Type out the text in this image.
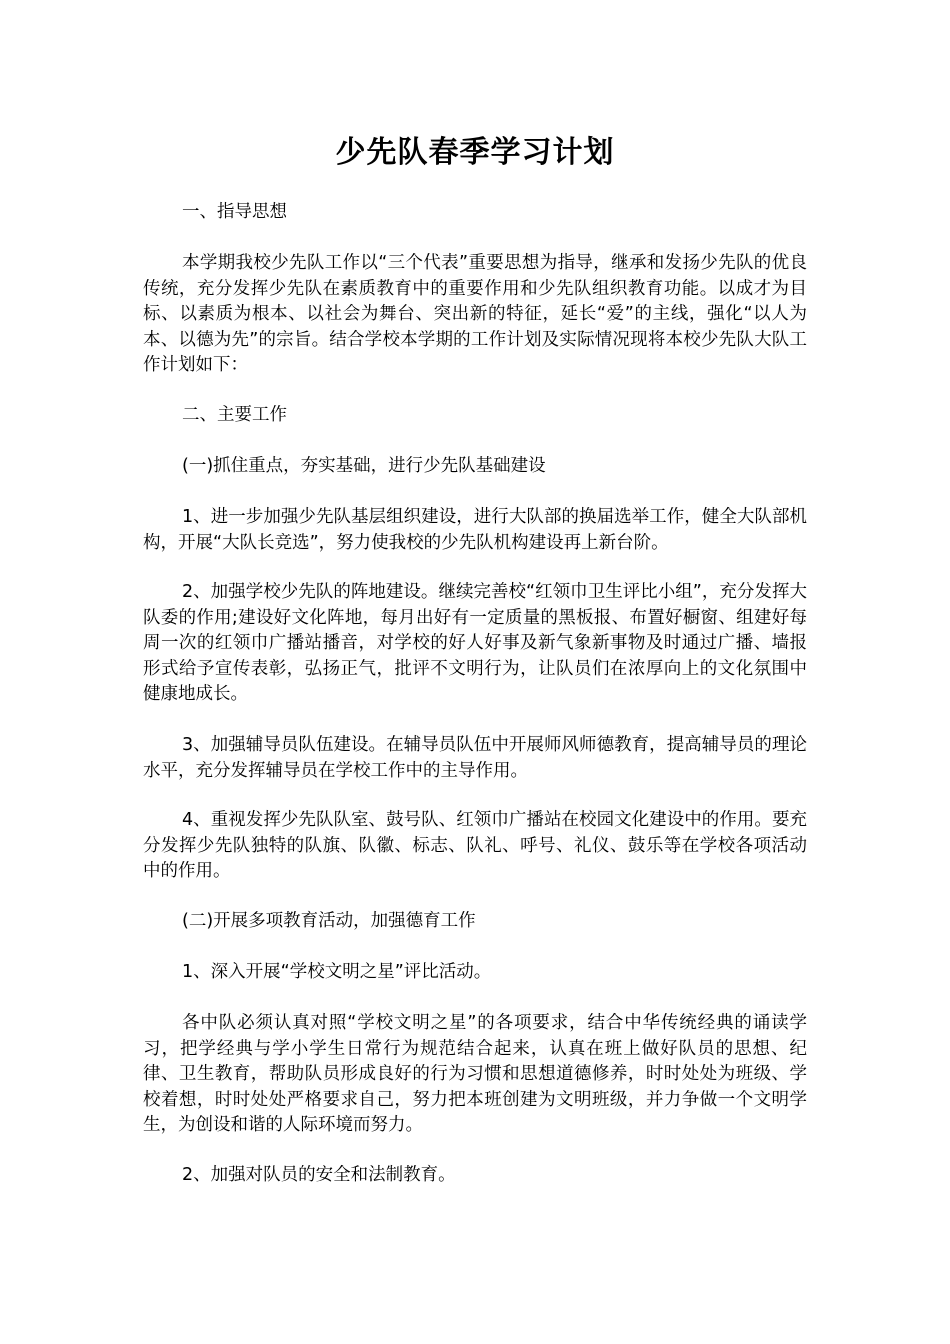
少先队春季学习计划

一、指导思想

本学期我校少先队工作以“三个代表”重要思想为指导，继承和发扬少先队的优良传统，充分发挥少先队在素质教育中的重要作用和少先队组织教育功能。以成才为目标、以素质为根本、以社会为舞台、突出新的特征，延长“爱”的主线，强化“以人为本、以德为先”的宗旨。结合学校本学期的工作计划及实际情况现将本校少先队大队工作计划如下：

二、主要工作

(一)抓住重点，夯实基础，进行少先队基础建设

1、进一步加强少先队基层组织建设，进行大队部的换届选举工作，健全大队部机构，开展“大队长竞选”，努力使我校的少先队机构建设再上新台阶。

2、加强学校少先队的阵地建设。继续完善校“红领巾卫生评比小组”，充分发挥大队委的作用;建设好文化阵地，每月出好有一定质量的黑板报、布置好橱窗、组建好每周一次的红领巾广播站播音，对学校的好人好事及新气象新事物及时通过广播、墙报形式给予宣传表彰，弘扬正气，批评不文明行为，让队员们在浓厚向上的文化氛围中健康地成长。

3、加强辅导员队伍建设。在辅导员队伍中开展师风师德教育，提高辅导员的理论水平，充分发挥辅导员在学校工作中的主导作用。

4、重视发挥少先队队室、鼓号队、红领巾广播站在校园文化建设中的作用。要充分发挥少先队独特的队旗、队徽、标志、队礼、呼号、礼仪、鼓乐等在学校各项活动中的作用。

(二)开展多项教育活动，加强德育工作

1、深入开展“学校文明之星”评比活动。

各中队必须认真对照“学校文明之星”的各项要求，结合中华传统经典的诵读学习，把学经典与学小学生日常行为规范结合起来，认真在班上做好队员的思想、纪律、卫生教育，帮助队员形成良好的行为习惯和思想道德修养，时时处处为班级、学校着想，时时处处严格要求自己，努力把本班创建为文明班级，并力争做一个文明学生，为创设和谐的人际环境而努力。

2、加强对队员的安全和法制教育。
